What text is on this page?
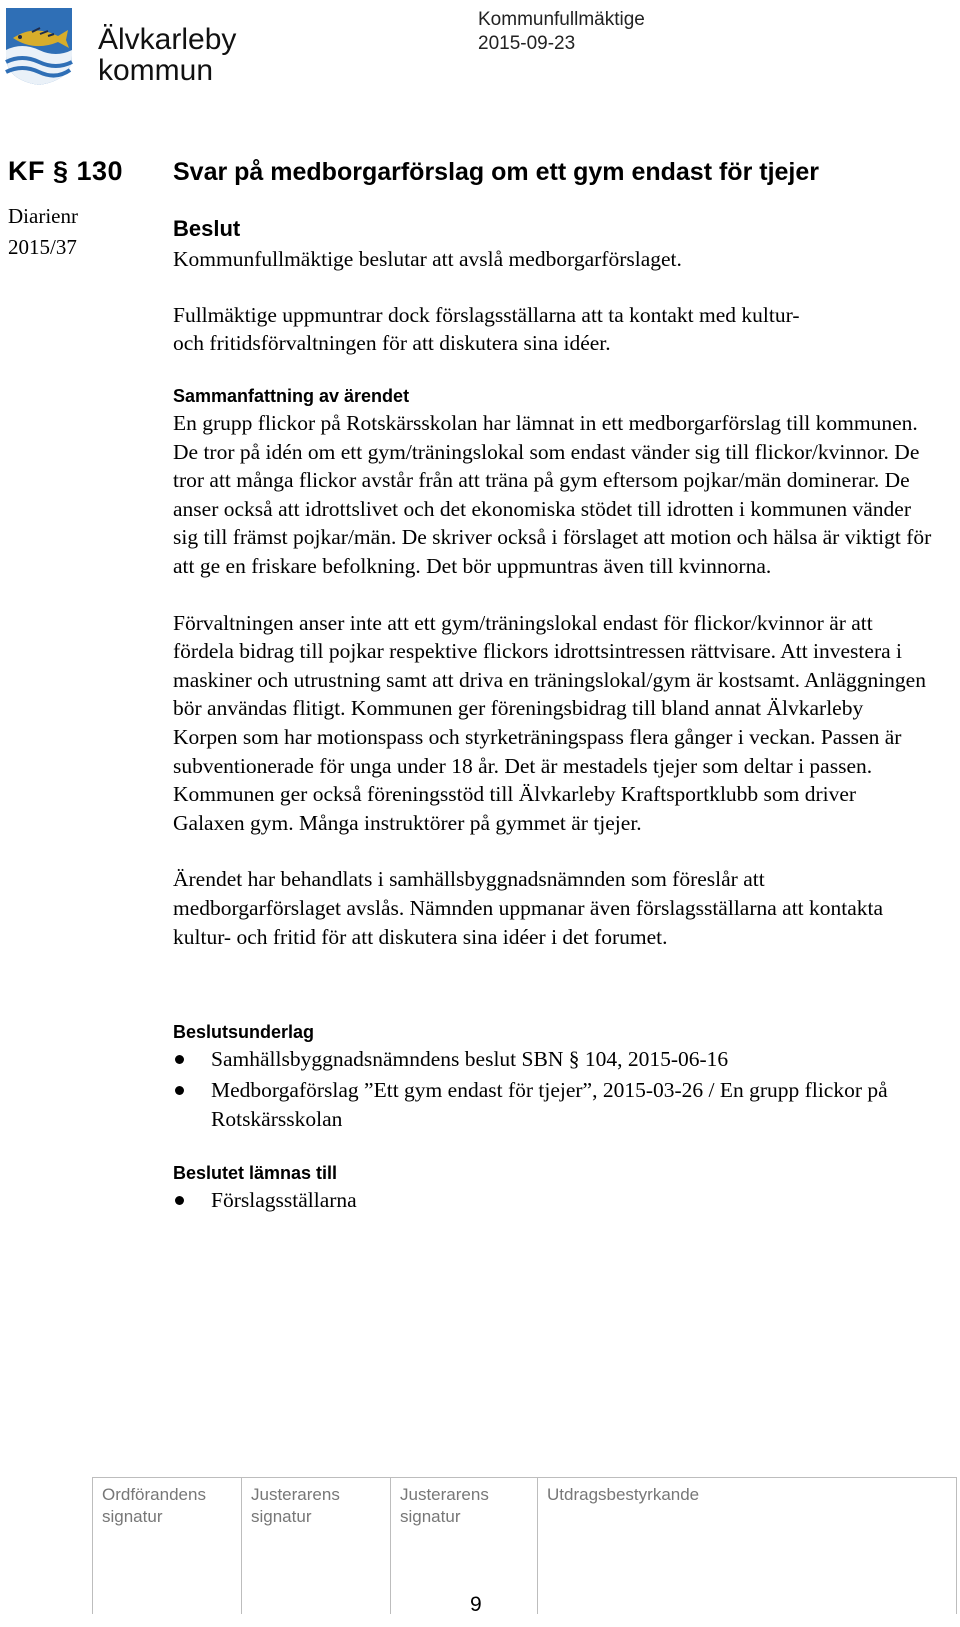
Älvkarleby
kommun
Kommunfullmäktige
2015-09-23
KF § 130
Diarienr
2015/37
Svar på medborgarförslag om ett gym endast för tjejer
Beslut

Kommunfullmäktige beslutar att avslå medborgarförslaget.

Fullmäktige uppmuntrar dock förslagsställarna att ta kontakt med kultur-
och fritidsförvaltningen för att diskutera sina idéer.

Sammanfattning av ärendet

En grupp flickor på Rotskärsskolan har lämnat in ett medborgarförslag till kommunen. De tror på idén om ett gym/träningslokal som endast vänder sig till flickor/kvinnor. De tror att många flickor avstår från att träna på gym eftersom pojkar/män dominerar. De anser också att idrottslivet och det ekonomiska stödet till idrotten i kommunen vänder sig till främst pojkar/män. De skriver också i förslaget att motion och hälsa är viktigt för att ge en friskare befolkning. Det bör uppmuntras även till kvinnorna.

Förvaltningen anser inte att ett gym/träningslokal endast för flickor/kvinnor är att fördela bidrag till pojkar respektive flickors idrottsintressen rättvisare. Att investera i maskiner och utrustning samt att driva en träningslokal/gym är kostsamt. Anläggningen bör användas flitigt. Kommunen ger föreningsbidrag till bland annat Älvkarleby Korpen som har motionspass och styrketräningspass flera gånger i veckan. Passen är subventionerade för unga under 18 år. Det är mestadels tjejer som deltar i passen. Kommunen ger också föreningsstöd till Älvkarleby Kraftsportklubb som driver Galaxen gym. Många instruktörer på gymmet är tjejer.

Ärendet har behandlats i samhällsbyggnadsnämnden som föreslår att medborgarförslaget avslås. Nämnden uppmanar även förslagsställarna att kontakta kultur- och fritid för att diskutera sina idéer i det forumet.

Beslutsunderlag
Samhällsbyggnadsnämndens beslut SBN § 104, 2015-06-16
Medborgaförslag ”Ett gym endast för tjejer”, 2015-03-26 / En grupp flickor på Rotskärsskolan
Beslutet lämnas till
Förslagsställarna
Ordförandens
signatur
Justerarens
signatur
Justerarens
signatur
Utdragsbestyrkande
9
